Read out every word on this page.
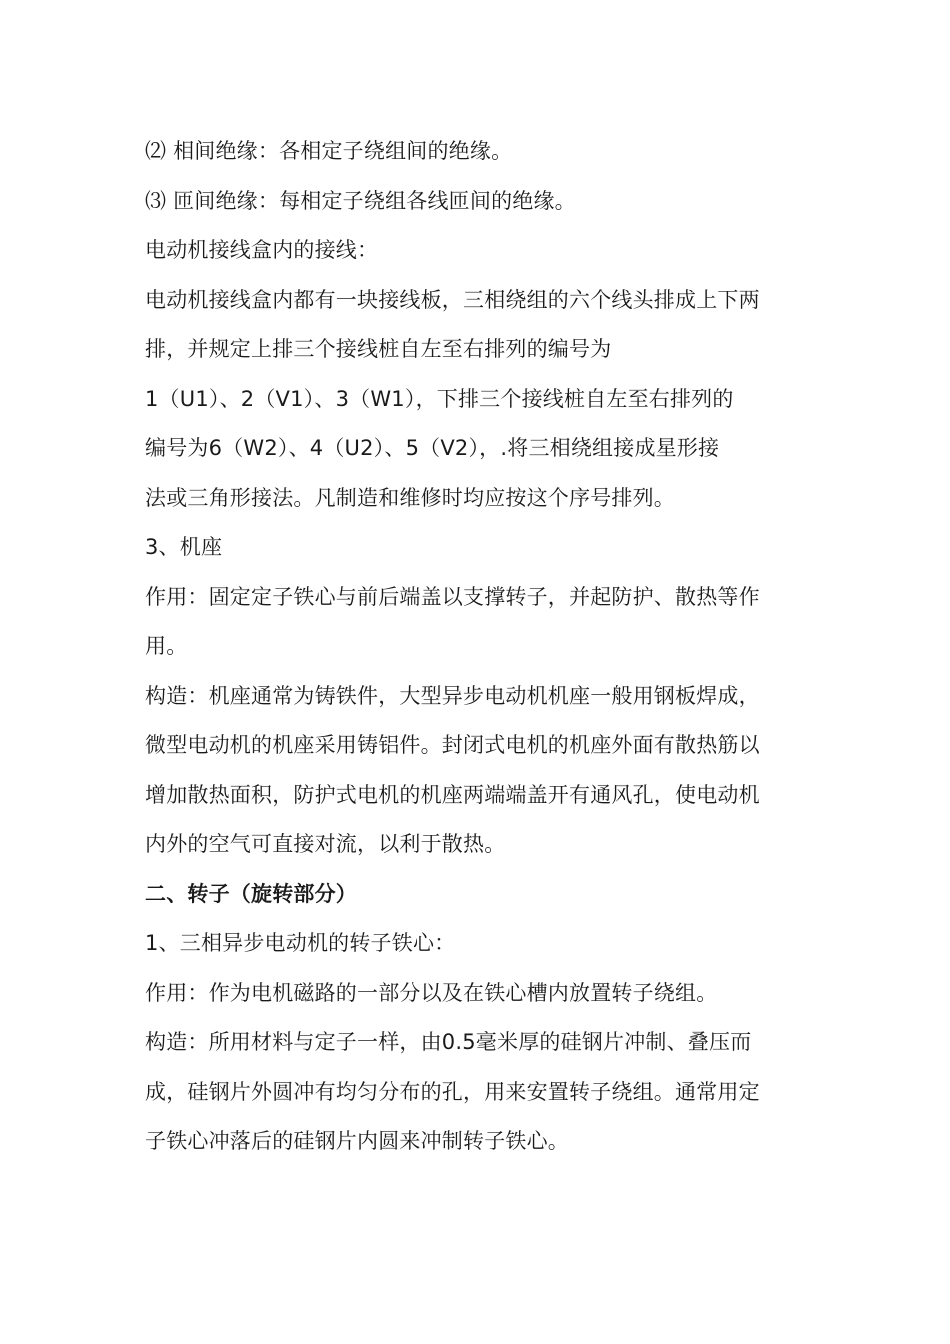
⑵ 相间绝缘：各相定子绕组间的绝缘。

⑶ 匝间绝缘：每相定子绕组各线匝间的绝缘。

电动机接线盒内的接线：

电动机接线盒内都有一块接线板，三相绕组的六个线头排成上下两

排，并规定上排三个接线桩自左至右排列的编号为

1（U1）、2（V1）、3（W1），下排三个接线桩自左至右排列的

编号为6（W2）、4（U2）、5（V2），.将三相绕组接成星形接

法或三角形接法。凡制造和维修时均应按这个序号排列。

3、机座

作用：固定定子铁心与前后端盖以支撑转子，并起防护、散热等作

用。

构造：机座通常为铸铁件，大型异步电动机机座一般用钢板焊成，

微型电动机的机座采用铸铝件。封闭式电机的机座外面有散热筋以

增加散热面积，防护式电机的机座两端端盖开有通风孔，使电动机

内外的空气可直接对流，以利于散热。

二、转子（旋转部分）

1、三相异步电动机的转子铁心：

作用：作为电机磁路的一部分以及在铁心槽内放置转子绕组。

构造：所用材料与定子一样，由0.5毫米厚的硅钢片冲制、叠压而

成，硅钢片外圆冲有均匀分布的孔，用来安置转子绕组。通常用定

子铁心冲落后的硅钢片内圆来冲制转子铁心。
